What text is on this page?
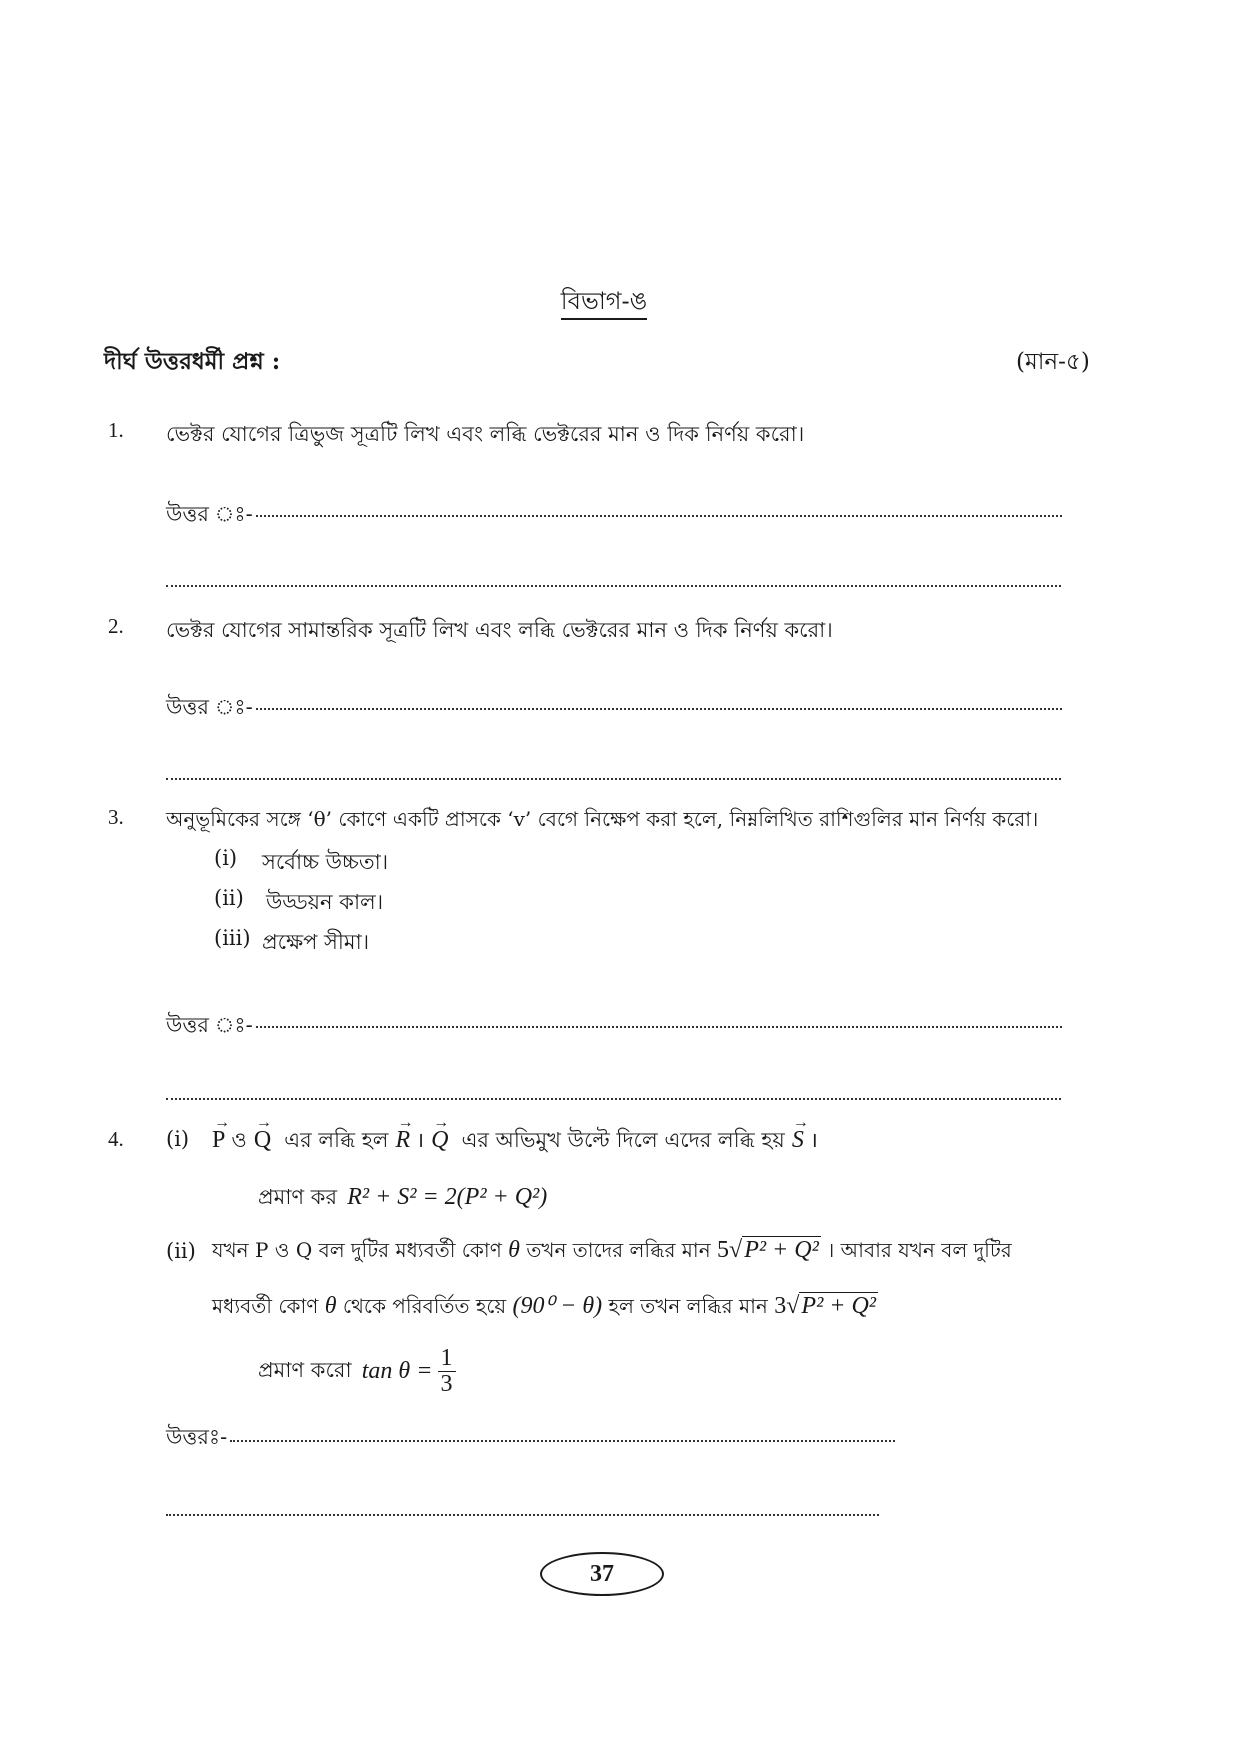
বিভাগ-ঙ
দীর্ঘ উত্তরধর্মী প্রশ্ন :	(মান-৫)
1. ভেক্টর যোগের ত্রিভুজ সূত্রটি লিখ এবং লব্ধি ভেক্টরের মান ও দিক নির্ণয় করো।
উত্তর ঃ-
2. ভেক্টর যোগের সামান্তরিক সূত্রটি লিখ এবং লব্ধি ভেক্টরের মান ও দিক নির্ণয় করো।
উত্তর ঃ-
3. অনুভূমিকের সঙ্গে ‘θ’ কোণে একটি প্রাসকে ‘v’ বেগে নিক্ষেপ করা হলে, নিম্নলিখিত রাশিগুলির মান নির্ণয় করো।
(i) সর্বোচ্চ উচ্চতা।
(ii) উড্ডয়ন কাল।
(iii) প্রক্ষেপ সীমা।
উত্তর ঃ-
4. (i)
→
P ও
→
Q এর লব্ধি হল
→
R ।
→
Q এর অভিমুখ উল্টে দিলে এদের লব্ধি হয়
→
S ।
প্রমাণ কর R² + S² = 2(P² + Q²)
(ii) যখন P ও Q বল দুটির মধ্যবর্তী কোণ θ তখন তাদের লব্ধির মান 5√P² + Q² । আবার যখন বল দুটির
মধ্যবর্তী কোণ θ থেকে পরিবর্তিত হয়ে (90⁰ − θ) হল তখন লব্ধির মান 3√P² + Q²
প্রমাণ করো $\tan \theta = \frac{1}{3}$
উত্তরঃ-
37
